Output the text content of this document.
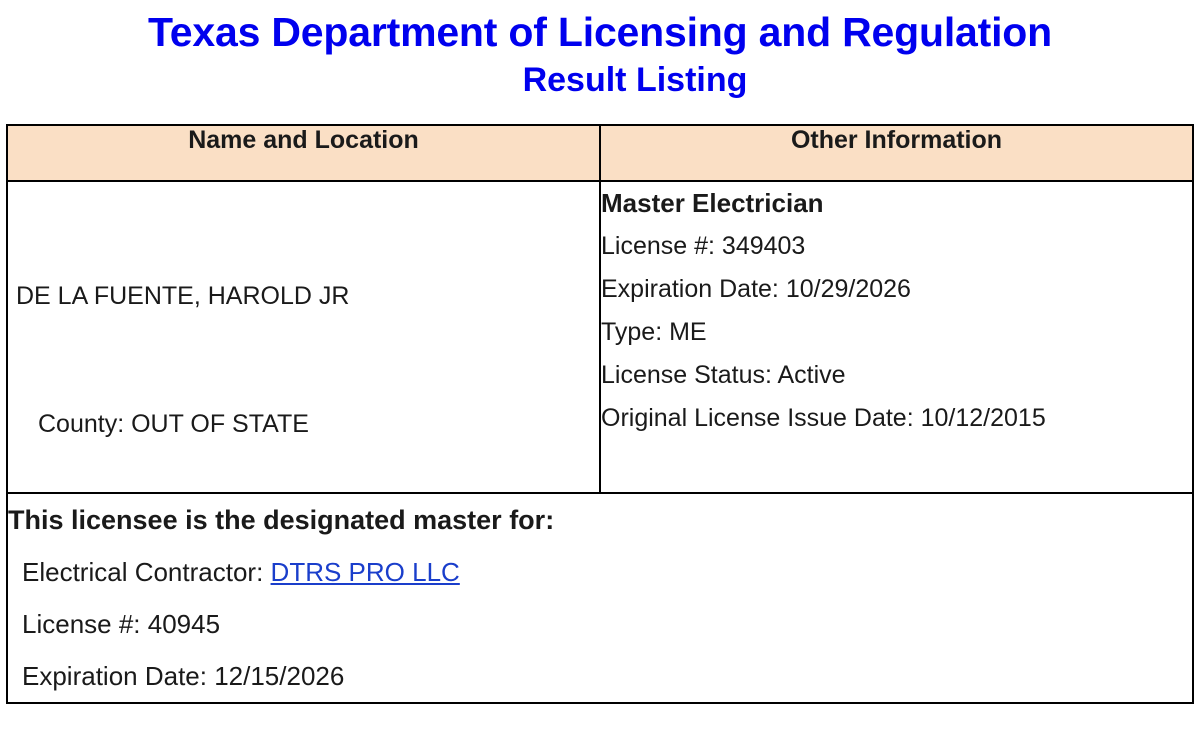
Texas Department of Licensing and Regulation
Result Listing
Name and Location	Other Information

DE LA FUENTE, HAROLD JR
County: OUT OF STATE

Master Electrician
License #: 349403
Expiration Date: 10/29/2026
Type: ME
License Status: Active
Original License Issue Date: 10/12/2015

This licensee is the designated master for:
Electrical Contractor: DTRS PRO LLC
License #: 40945
Expiration Date: 12/15/2026	
